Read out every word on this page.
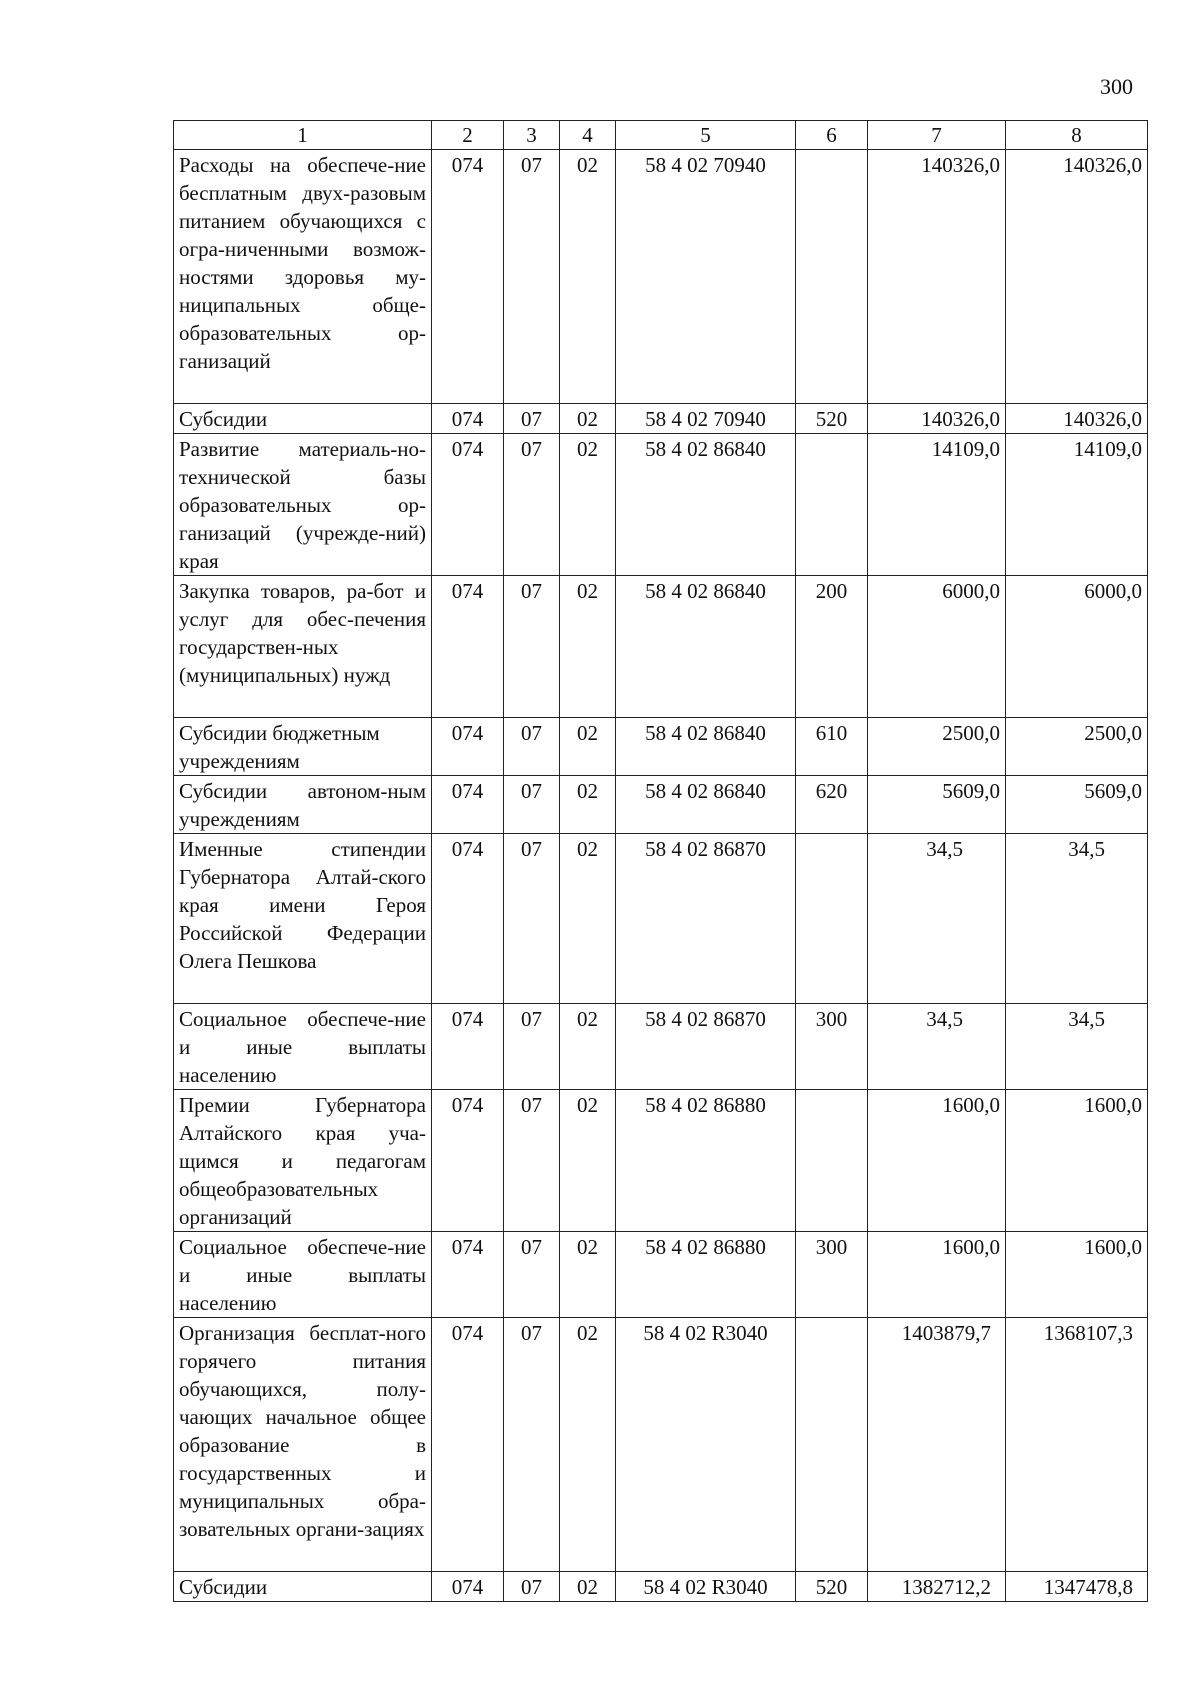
300
1	2	3	4	5	6	7	8
Расходы на обеспече-ние бесплатным двух-разовым питанием обучающихся с огра-ниченными возмож-ностями здоровья му-ниципальных обще-образовательных ор-ганизаций	074	07	02	58 4 02 70940		140326,0	140326,0
Субсидии	074	07	02	58 4 02 70940	520	140326,0	140326,0
Развитие материаль-но-технической базы образовательных ор-ганизаций (учрежде-ний) края	074	07	02	58 4 02 86840		14109,0	14109,0
Закупка товаров, ра-бот и услуг для обес-печения государствен-ных (муниципальных) нужд	074	07	02	58 4 02 86840	200	6000,0	6000,0
Субсидии бюджетным учреждениям	074	07	02	58 4 02 86840	610	2500,0	2500,0
Субсидии автоном-ным учреждениям	074	07	02	58 4 02 86840	620	5609,0	5609,0
Именные стипендии Губернатора Алтай-ского края имени Героя Российской Федерации Олега Пешкова	074	07	02	58 4 02 86870		34,5	34,5
Социальное обеспече-ние и иные выплаты населению	074	07	02	58 4 02 86870	300	34,5	34,5
Премии Губернатора Алтайского края уча-щимся и педагогам общеобразовательных организаций	074	07	02	58 4 02 86880		1600,0	1600,0
Социальное обеспече-ние и иные выплаты населению	074	07	02	58 4 02 86880	300	1600,0	1600,0
Организация бесплат-ного горячего питания обучающихся, полу-чающих начальное общее образование в государственных и муниципальных обра-зовательных органи-зациях	074	07	02	58 4 02 R3040		1403879,7	1368107,3
Субсидии	074	07	02	58 4 02 R3040	520	1382712,2	1347478,8
